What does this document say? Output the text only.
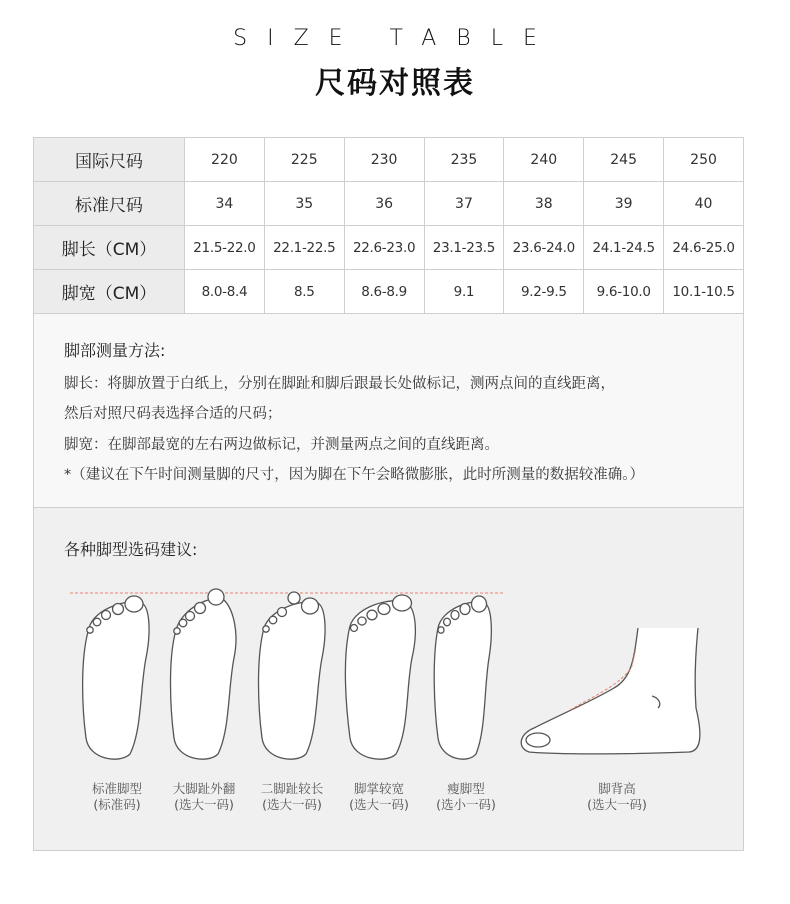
SIZE TABLE
尺码对照表
国际尺码	220	225	230	235	240	245	250
标准尺码	34	35	36	37	38	39	40
脚长（CM）	21.5-22.0	22.1-22.5	22.6-23.0	23.1-23.5	23.6-24.0	24.1-24.5	24.6-25.0
脚宽（CM）	8.0-8.4	8.5	8.6-8.9	9.1	9.2-9.5	9.6-10.0	10.1-10.5
脚部测量方法:
脚长：将脚放置于白纸上，分别在脚趾和脚后跟最长处做标记，测两点间的直线距离，
然后对照尺码表选择合适的尺码；
脚宽：在脚部最宽的左右两边做标记，并测量两点之间的直线距离。
*（建议在下午时间测量脚的尺寸，因为脚在下午会略微膨胀，此时所测量的数据较准确。）
各种脚型选码建议:
标准脚型
(标准码)
大脚趾外翻
(选大一码)
二脚趾较长
(选大一码)
脚掌较宽
(选大一码)
瘦脚型
(选小一码)
脚背高
(选大一码)
